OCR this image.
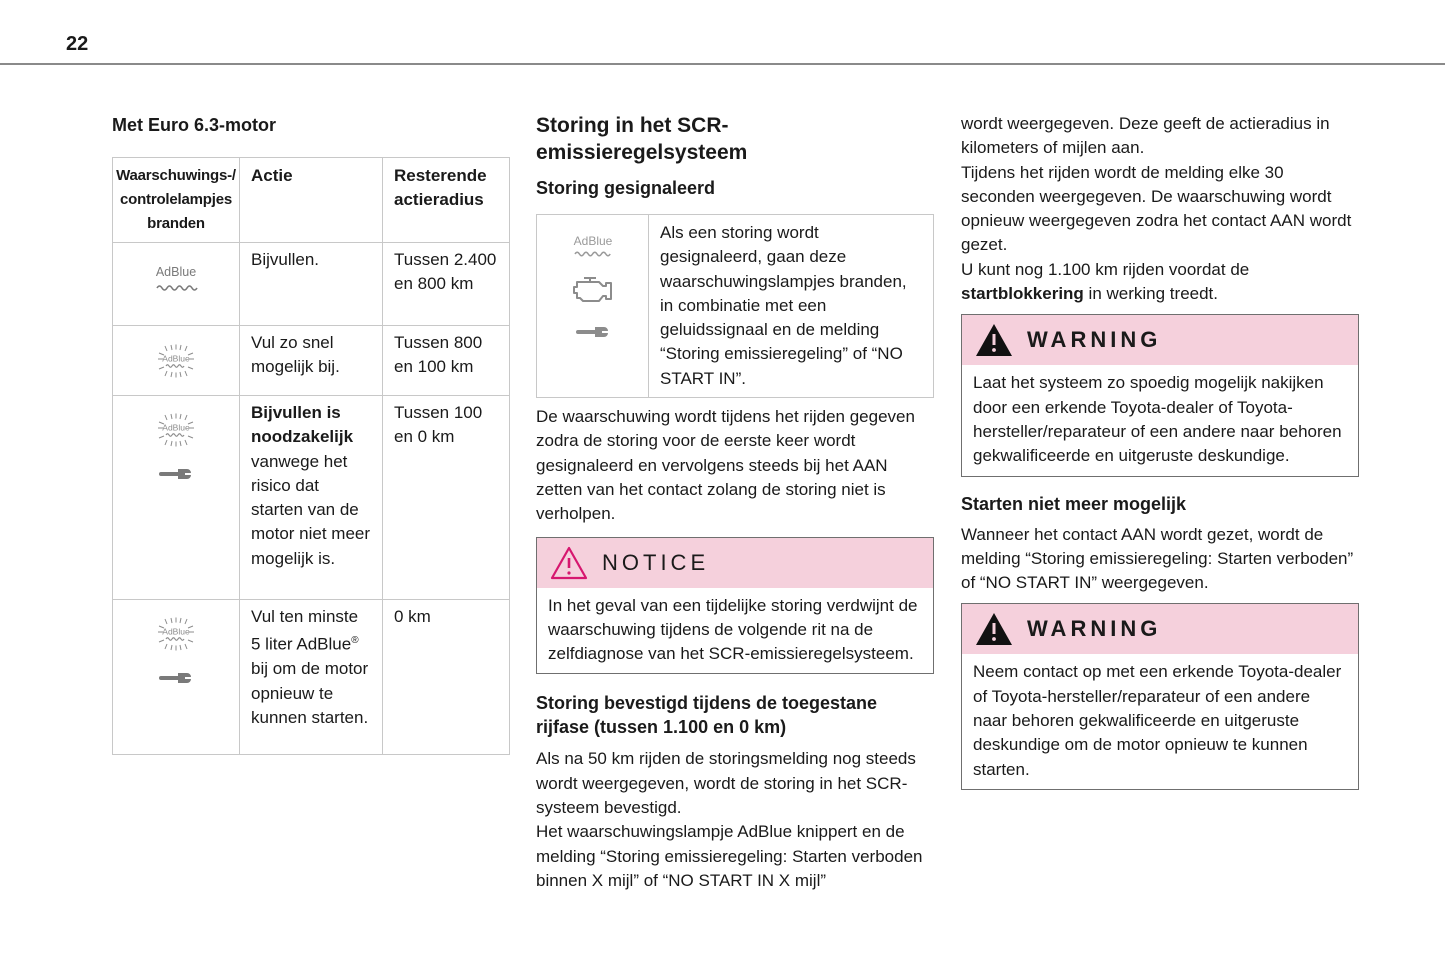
22
Met Euro 6.3-motor
Waarschuwings-/ controlelampjes branden	Actie	Resterende actieradius

AdBlue	Bijvullen.	Tussen 2.400 en 800 km

AdBlue	Vul zo snel mogelijk bij.	Tussen 800 en 100 km

AdBlue	Bijvullen is noodzakelijk vanwege het risico dat starten van de motor niet meer mogelijk is.	Tussen 100 en 0 km

AdBlue	Vul ten minste 5 liter AdBlue® bij om de motor opnieuw te kunnen starten.	0 km
Storing in het SCR-emissieregelsysteem
Storing gesignaleerd
AdBlue	Als een storing wordt gesignaleerd, gaan deze waarschuwingslampjes branden, in combinatie met een geluidssignaal en de melding “Storing emissieregeling” of “NO START IN”.

De waarschuwing wordt tijdens het rijden gegeven zodra de storing voor de eerste keer wordt gesignaleerd en vervolgens steeds bij het AAN zetten van het contact zolang de storing niet is verholpen.

NOTICE
In het geval van een tijdelijke storing verdwijnt de waarschuwing tijdens de volgende rit na de zelfdiagnose van het SCR-emissieregelsysteem.
Storing bevestigd tijdens de toegestane rijfase (tussen 1.100 en 0 km)

Als na 50 km rijden de storingsmelding nog steeds wordt weergegeven, wordt de storing in het SCR-systeem bevestigd.

Het waarschuwingslampje AdBlue knippert en de melding “Storing emissieregeling: Starten verboden binnen X mijl” of “NO START IN X mijl”

wordt weergegeven. Deze geeft de actieradius in kilometers of mijlen aan.

Tijdens het rijden wordt de melding elke 30 seconden weergegeven. De waarschuwing wordt opnieuw weergegeven zodra het contact AAN wordt gezet.

U kunt nog 1.100 km rijden voordat de startblokkering in werking treedt.

WARNING
Laat het systeem zo spoedig mogelijk nakijken door een erkende Toyota-dealer of Toyota-hersteller/reparateur of een andere naar behoren gekwalificeerde en uitgeruste deskundige.
Starten niet meer mogelijk

Wanneer het contact AAN wordt gezet, wordt de melding “Storing emissieregeling: Starten verboden” of “NO START IN” weergegeven.

WARNING
Neem contact op met een erkende Toyota-dealer of Toyota-hersteller/reparateur of een andere naar behoren gekwalificeerde en uitgeruste deskundige om de motor opnieuw te kunnen starten.
